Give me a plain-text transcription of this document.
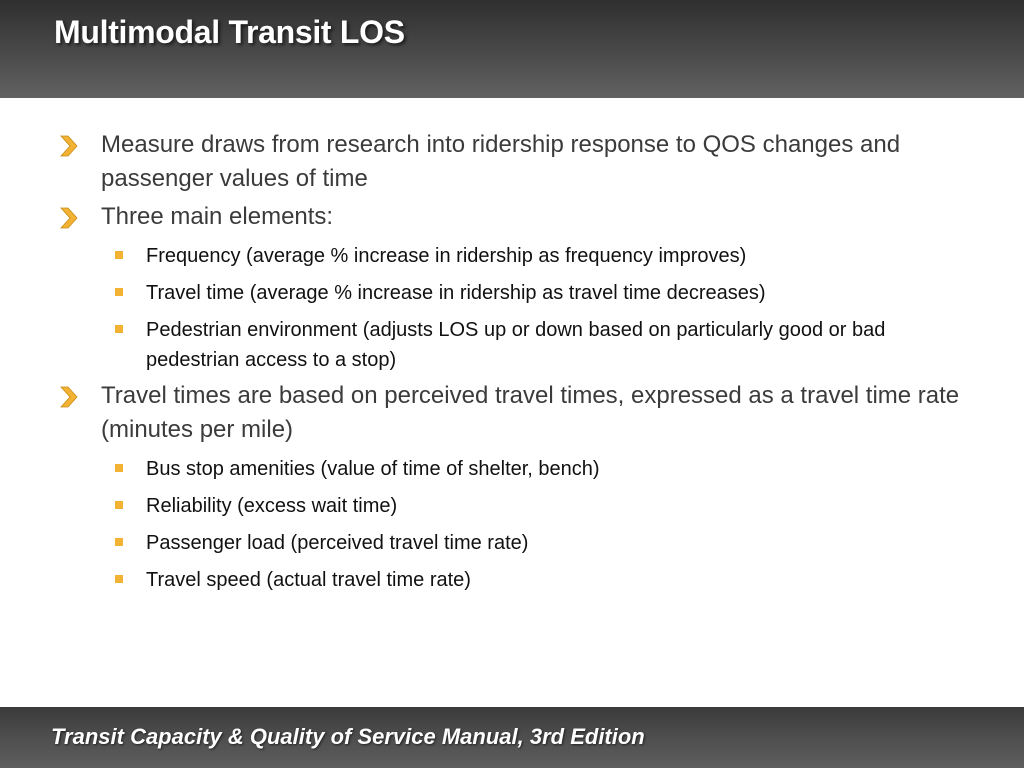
Multimodal Transit LOS
Measure draws from research into ridership response to QOS changes and passenger values of time
Three main elements:
Frequency (average % increase in ridership as frequency improves)
Travel time (average % increase in ridership as travel time decreases)
Pedestrian environment (adjusts LOS up or down based on particularly good or bad pedestrian access to a stop)
Travel times are based on perceived travel times, expressed as a travel time rate (minutes per mile)
Bus stop amenities (value of time of shelter, bench)
Reliability (excess wait time)
Passenger load (perceived travel time rate)
Travel speed (actual travel time rate)

Transit Capacity & Quality of Service Manual, 3rd Edition
